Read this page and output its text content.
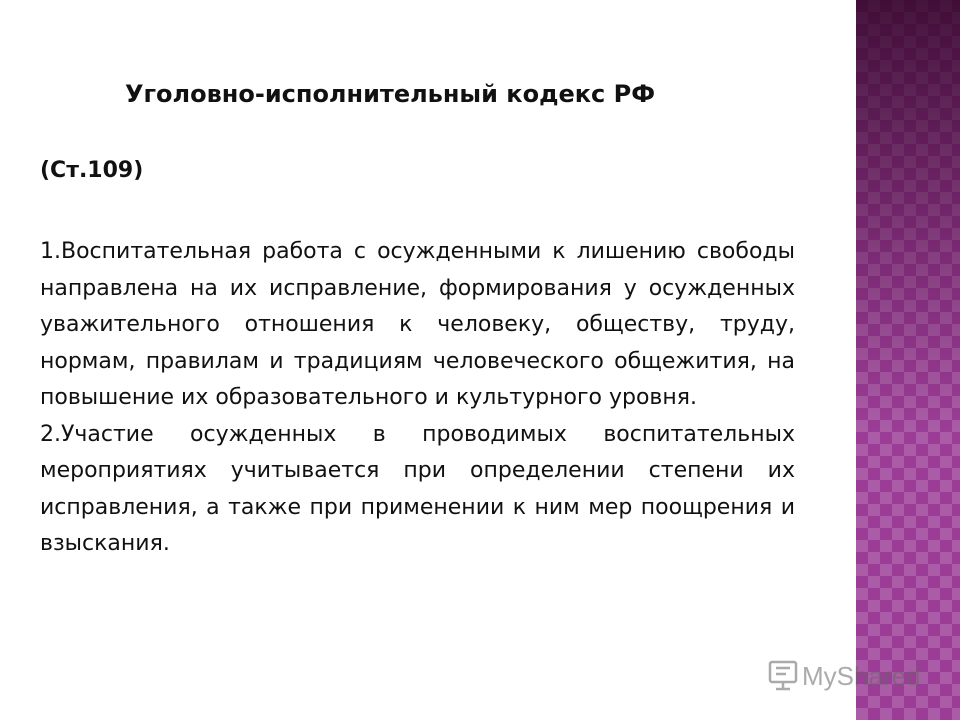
Уголовно-исполнительный кодекс РФ
(Ст.109)

1.Воспитательная работа с осужденными к лишению свободы направлена на их исправление, формирования у осужденных уважительного отношения к человеку, обществу, труду, нормам, правилам и традициям человеческого общежития, на повышение их образовательного и культурного уровня.

2.Участие осужденных в проводимых воспитательных мероприятиях учитывается при определении степени их исправления, а также при применении к ним мер поощрения и взыскания.

MyShared
